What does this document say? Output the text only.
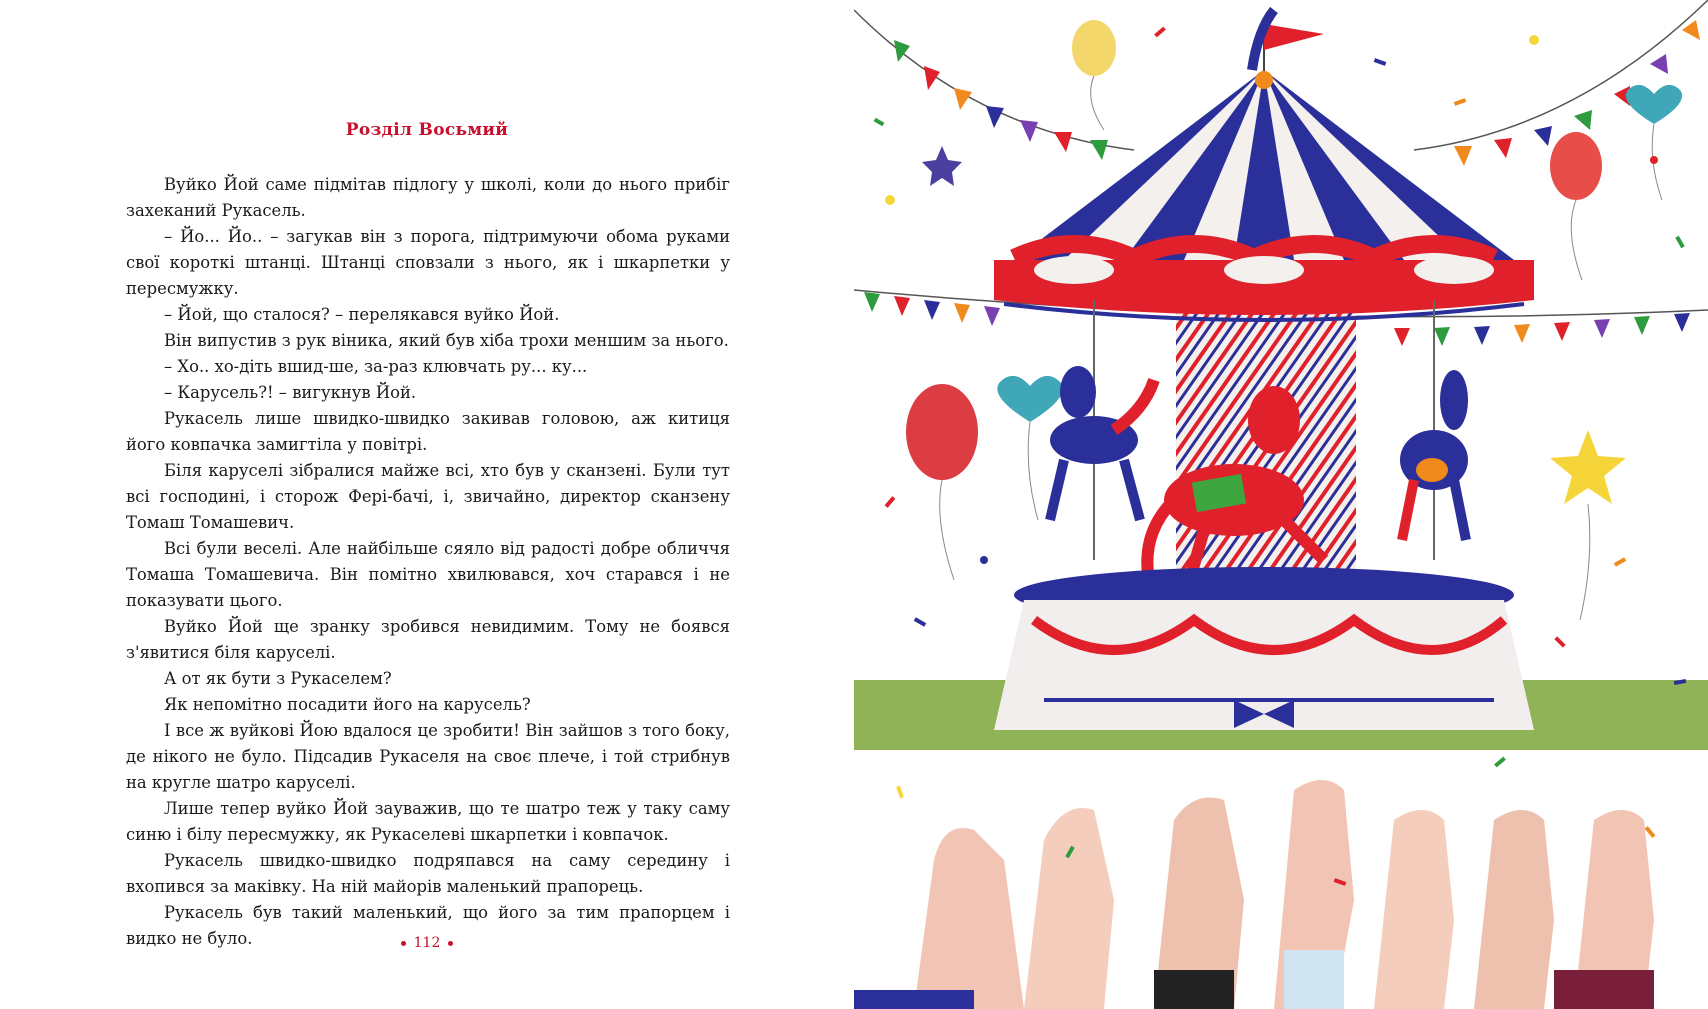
Розділ Восьмий

Вуйко Йой саме підмітав підлогу у школі, коли до нього прибіг захеканий Рукасель.

– Йо... Йо.. – загукав він з порога, підтримуючи обома руками свої короткі штанці. Штанці сповзали з нього, як і шкарпетки у пересмужку.

– Йой, що сталося? – перелякався вуйко Йой.

Він випустив з рук віника, який був хіба трохи меншим за нього.

– Хо.. хо-діть вшид-ше, за-раз клювчать ру... ку...

– Карусель?! – вигукнув Йой.

Рукасель лише швидко-швидко закивав головою, аж китиця його ковпачка замигтіла у повітрі.

Біля каруселі зібралися майже всі, хто був у сканзені. Були тут всі господині, і сторож Фері-бачі, і, звичайно, директор сканзену Томаш Томашевич.

Всі були веселі. Але найбільше сяяло від радості добре обличчя Томаша Томашевича. Він помітно хвилювався, хоч старався і не показувати цього.

Вуйко Йой ще зранку зробився невидимим. Тому не боявся з'явитися біля каруселі.

А от як бути з Рукаселем?

Як непомітно посадити його на карусель?

І все ж вуйкові Йою вдалося це зробити! Він зайшов з того боку, де нікого не було. Підсадив Рукаселя на своє плече, і той стрибнув на кругле шатро каруселі.

Лише тепер вуйко Йой зауважив, що те шатро теж у таку саму синю і білу пересмужку, як Рукаселеві шкарпетки і ковпачок.

Рукасель швидко-швидко подряпався на саму середину і вхопився за маківку. На ній майорів маленький прапорець.

Рукасель був такий маленький, що його за тим прапорцем і видко не було.	112
